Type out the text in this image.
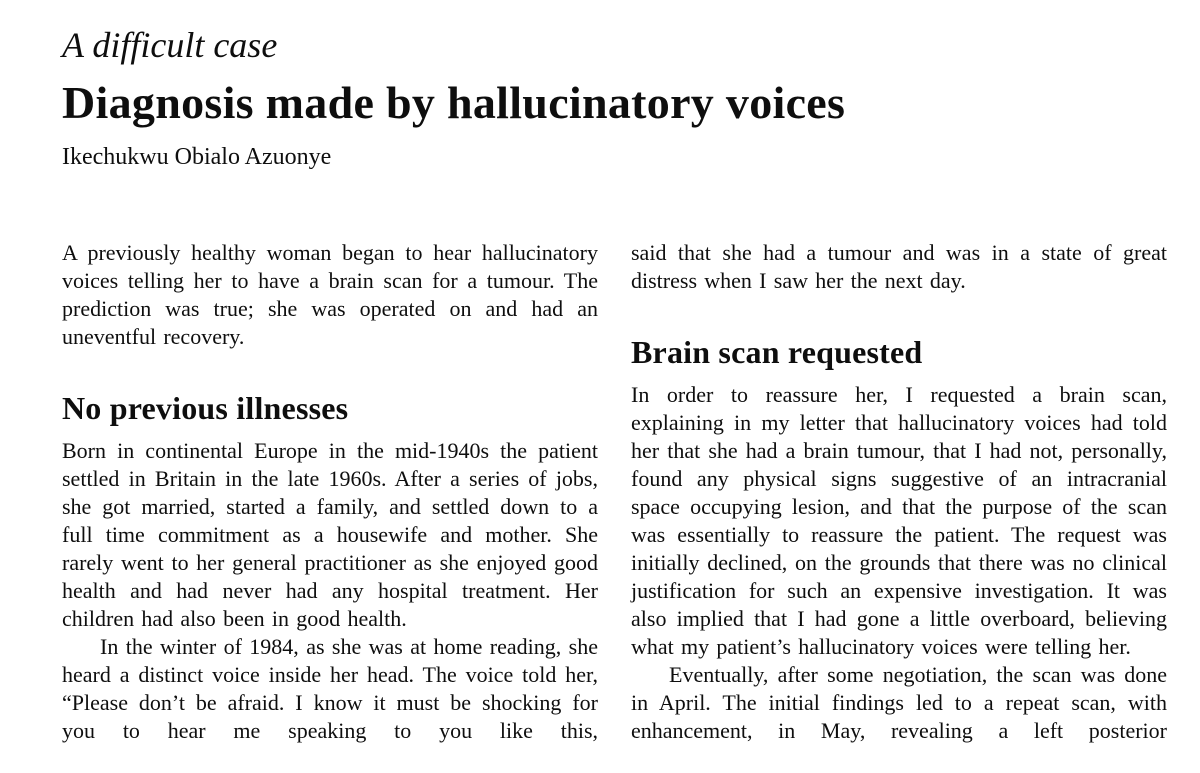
A difficult case
Diagnosis made by hallucinatory voices
Ikechukwu Obialo Azuonye

A previously healthy woman began to hear hallucinatory voices telling her to have a brain scan for a tumour. The prediction was true; she was operated on and had an uneventful recovery.

No previous illnesses

Born in continental Europe in the mid-1940s the patient settled in Britain in the late 1960s. After a series of jobs, she got married, started a family, and settled down to a full time commitment as a housewife and mother. She rarely went to her general practitioner as she enjoyed good health and had never had any hospital treatment. Her children had also been in good health.

In the winter of 1984, as she was at home reading, she heard a distinct voice inside her head. The voice told her, “Please don’t be afraid. I know it must be shocking for you to hear me speaking to you like this,

said that she had a tumour and was in a state of great distress when I saw her the next day.

Brain scan requested

In order to reassure her, I requested a brain scan, explaining in my letter that hallucinatory voices had told her that she had a brain tumour, that I had not, personally, found any physical signs suggestive of an intracranial space occupying lesion, and that the purpose of the scan was essentially to reassure the patient. The request was initially declined, on the grounds that there was no clinical justification for such an expensive investigation. It was also implied that I had gone a little overboard, believing what my patient’s hallucinatory voices were telling her.

Eventually, after some negotiation, the scan was done in April. The initial findings led to a repeat scan, with enhancement, in May, revealing a left posterior
